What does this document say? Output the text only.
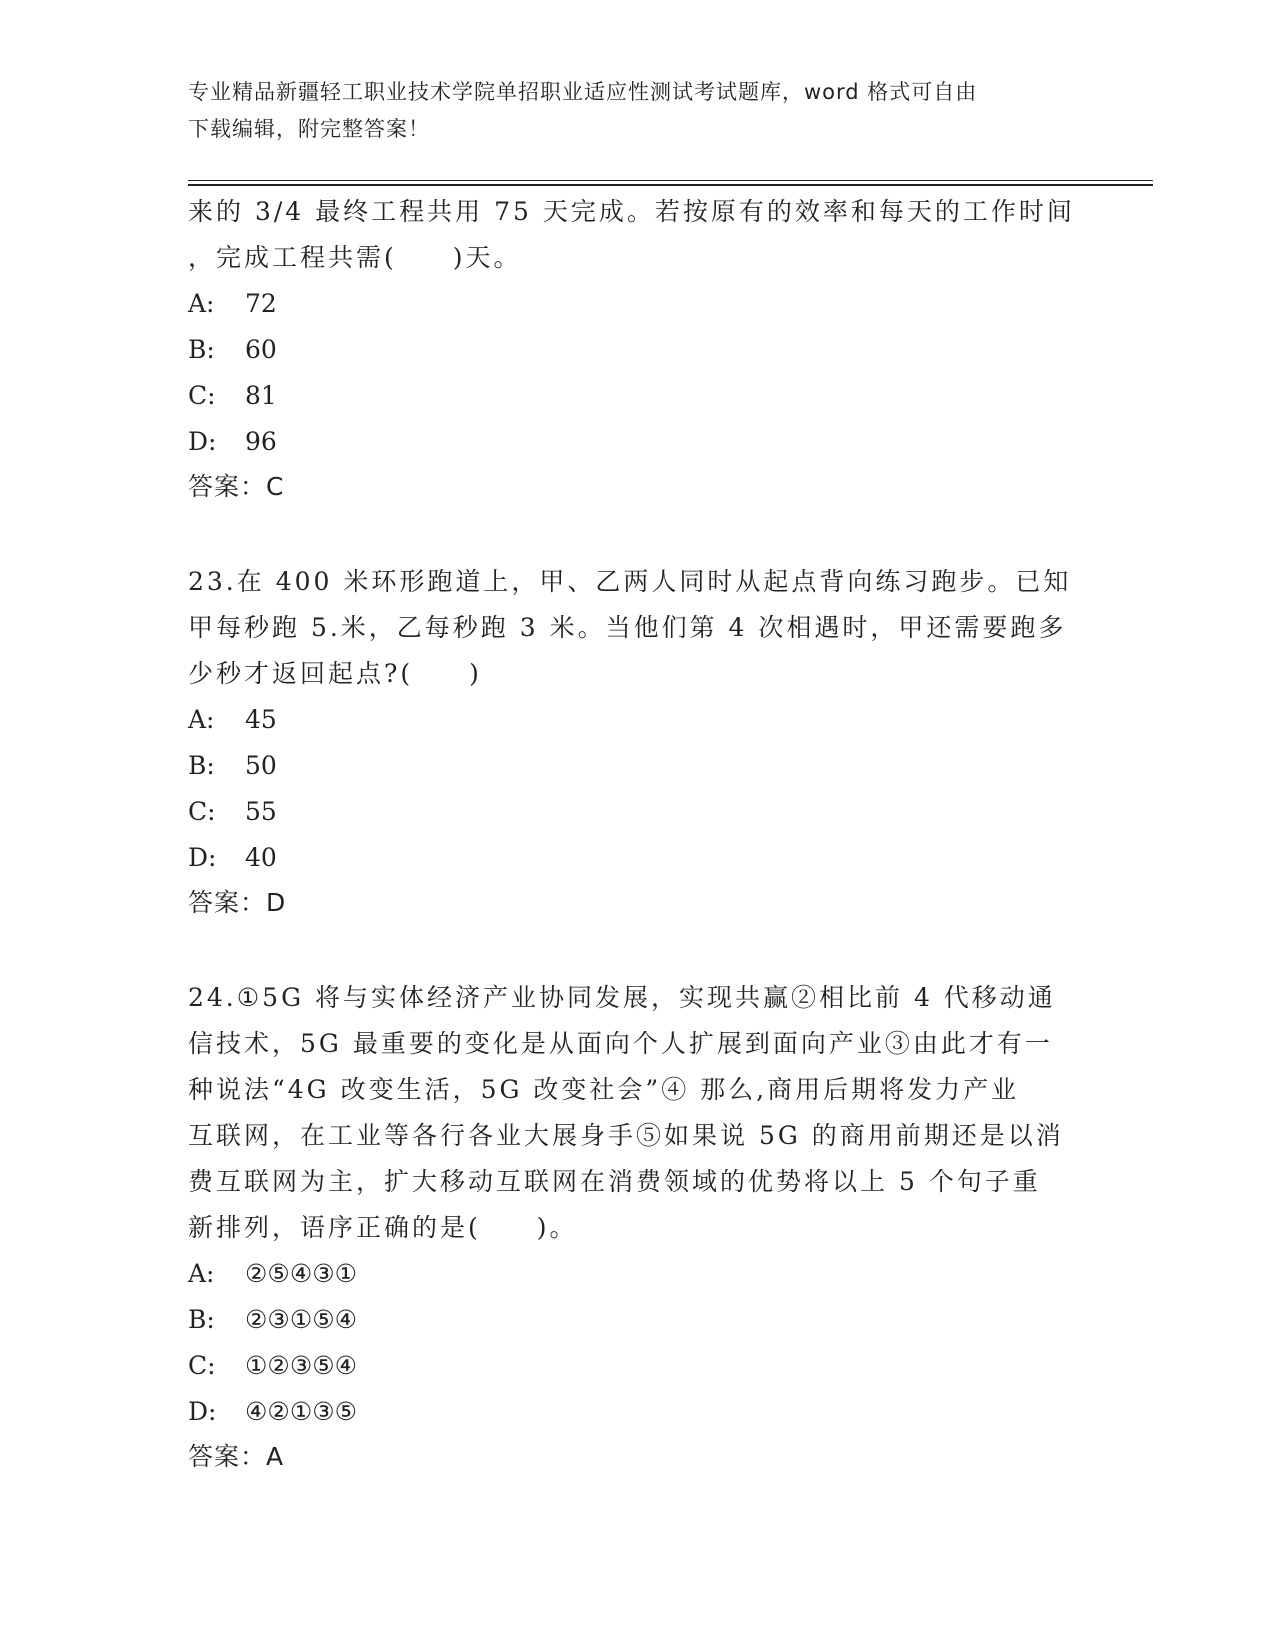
专业精品新疆轻工职业技术学院单招职业适应性测试考试题库，word 格式可自由
下载编辑，附完整答案！

来的 3/4 最终工程共用 75 天完成。若按原有的效率和每天的工作时间

，完成工程共需(　　)天。

A:	72
B:	60
C:	81
D:	96

答案：C

23.在 400 米环形跑道上，甲、乙两人同时从起点背向练习跑步。已知

甲每秒跑 5.米，乙每秒跑 3 米。当他们第 4 次相遇时，甲还需要跑多

少秒才返回起点?(　　)

A:	45
B:	50
C:	55
D:	40

答案：D

24.①5G 将与实体经济产业协同发展，实现共赢②相比前 4 代移动通

信技术，5G 最重要的变化是从面向个人扩展到面向产业③由此才有一

种说法“4G 改变生活，5G 改变社会”④ 那么,商用后期将发力产业

互联网，在工业等各行各业大展身手⑤如果说 5G 的商用前期还是以消

费互联网为主，扩大移动互联网在消费领域的优势将以上 5 个句子重

新排列，语序正确的是(　　)。

A:	②⑤④③①
B:	②③①⑤④
C:	①②③⑤④
D:	④②①③⑤

答案：A
